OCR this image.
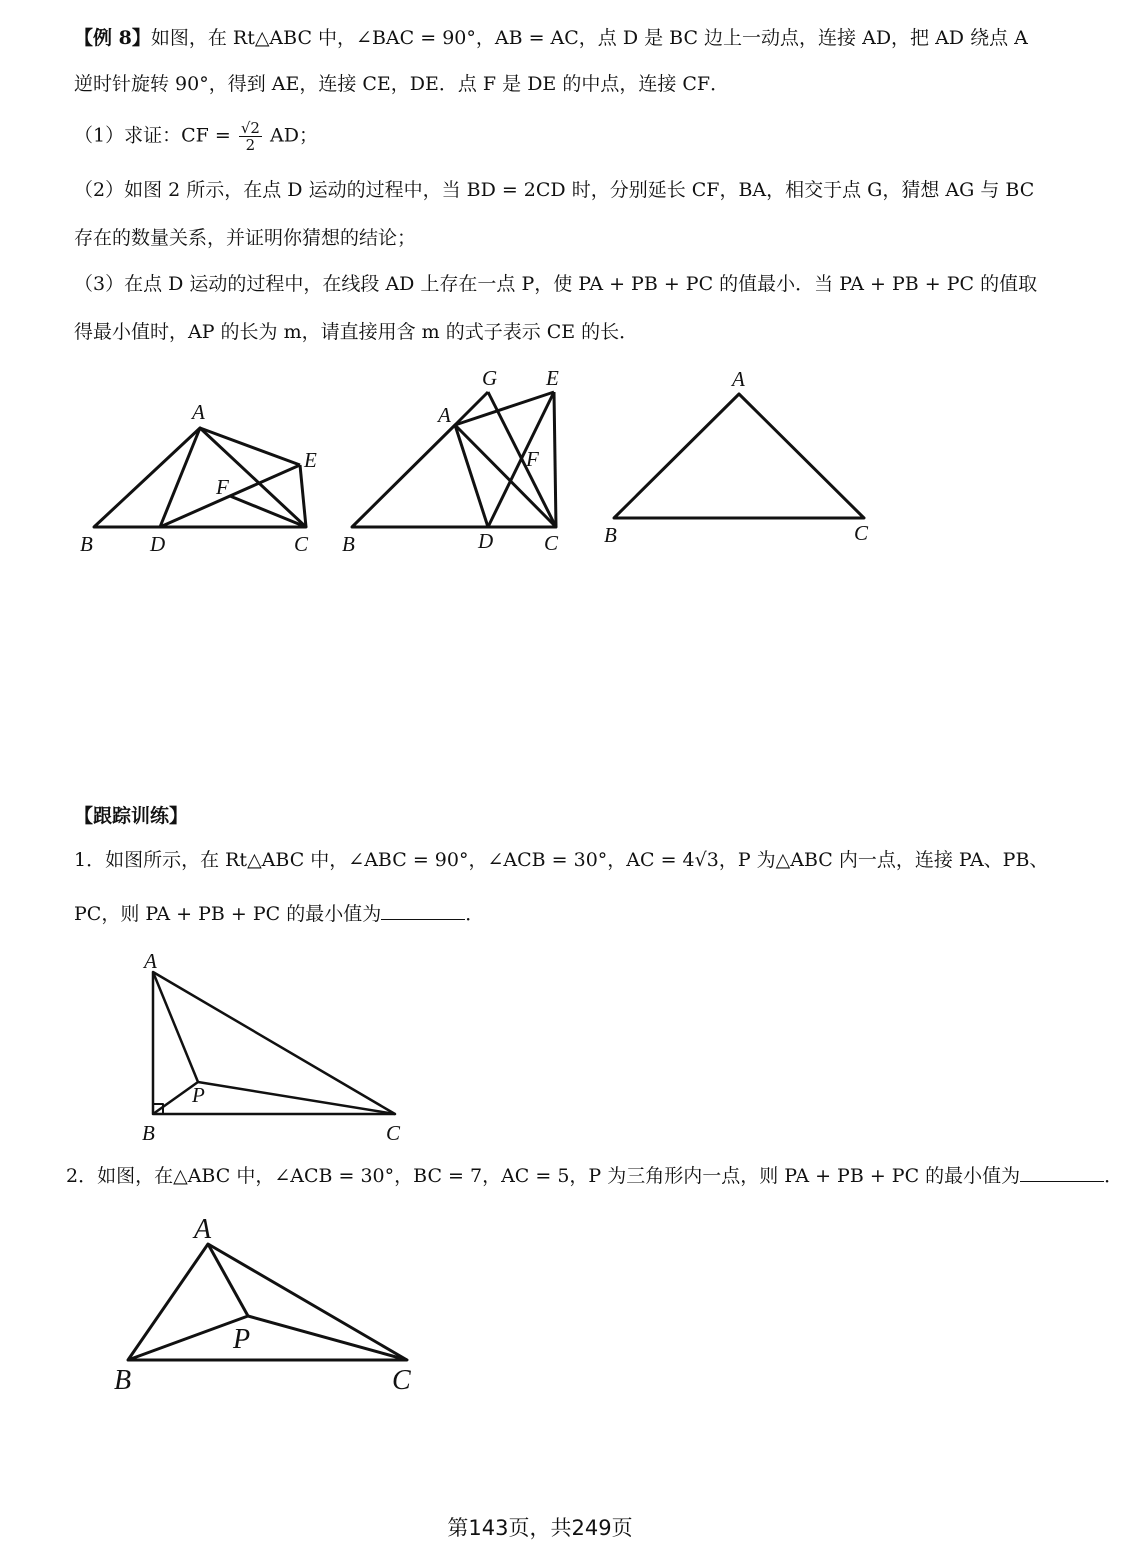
【例 8】如图，在 Rt△ABC 中，∠BAC = 90°，AB = AC，点 D 是 BC 边上一动点，连接 AD，把 AD 绕点 A
逆时针旋转 90°，得到 AE，连接 CE，DE．点 F 是 DE 的中点，连接 CF．
（1）求证：CF = $\frac{√2}{2}$ AD；
（2）如图 2 所示，在点 D 运动的过程中，当 BD = 2CD 时，分别延长 CF，BA，相交于点 G，猜想 AG 与 BC
存在的数量关系，并证明你猜想的结论；
（3）在点 D 运动的过程中，在线段 AD 上存在一点 P，使 PA + PB + PC 的值最小．当 PA + PB + PC 的值取
得最小值时，AP 的长为 m，请直接用含 m 的式子表示 CE 的长．
A
B	C
D
E
F
G E
A
F
B	D C
A
B	C
【跟踪训练】
1．如图所示，在 Rt△ABC 中，∠ABC = 90°，∠ACB = 30°，AC = 4√3，P 为△ABC 内一点，连接 PA、PB、
PC，则 PA + PB + PC 的最小值为	．
A
P
B	C
2．如图，在△ABC 中，∠ACB = 30°，BC = 7，AC = 5，P 为三角形内一点，则 PA + PB + PC 的最小值为	．
A
P
B	C
第143页，共249页
